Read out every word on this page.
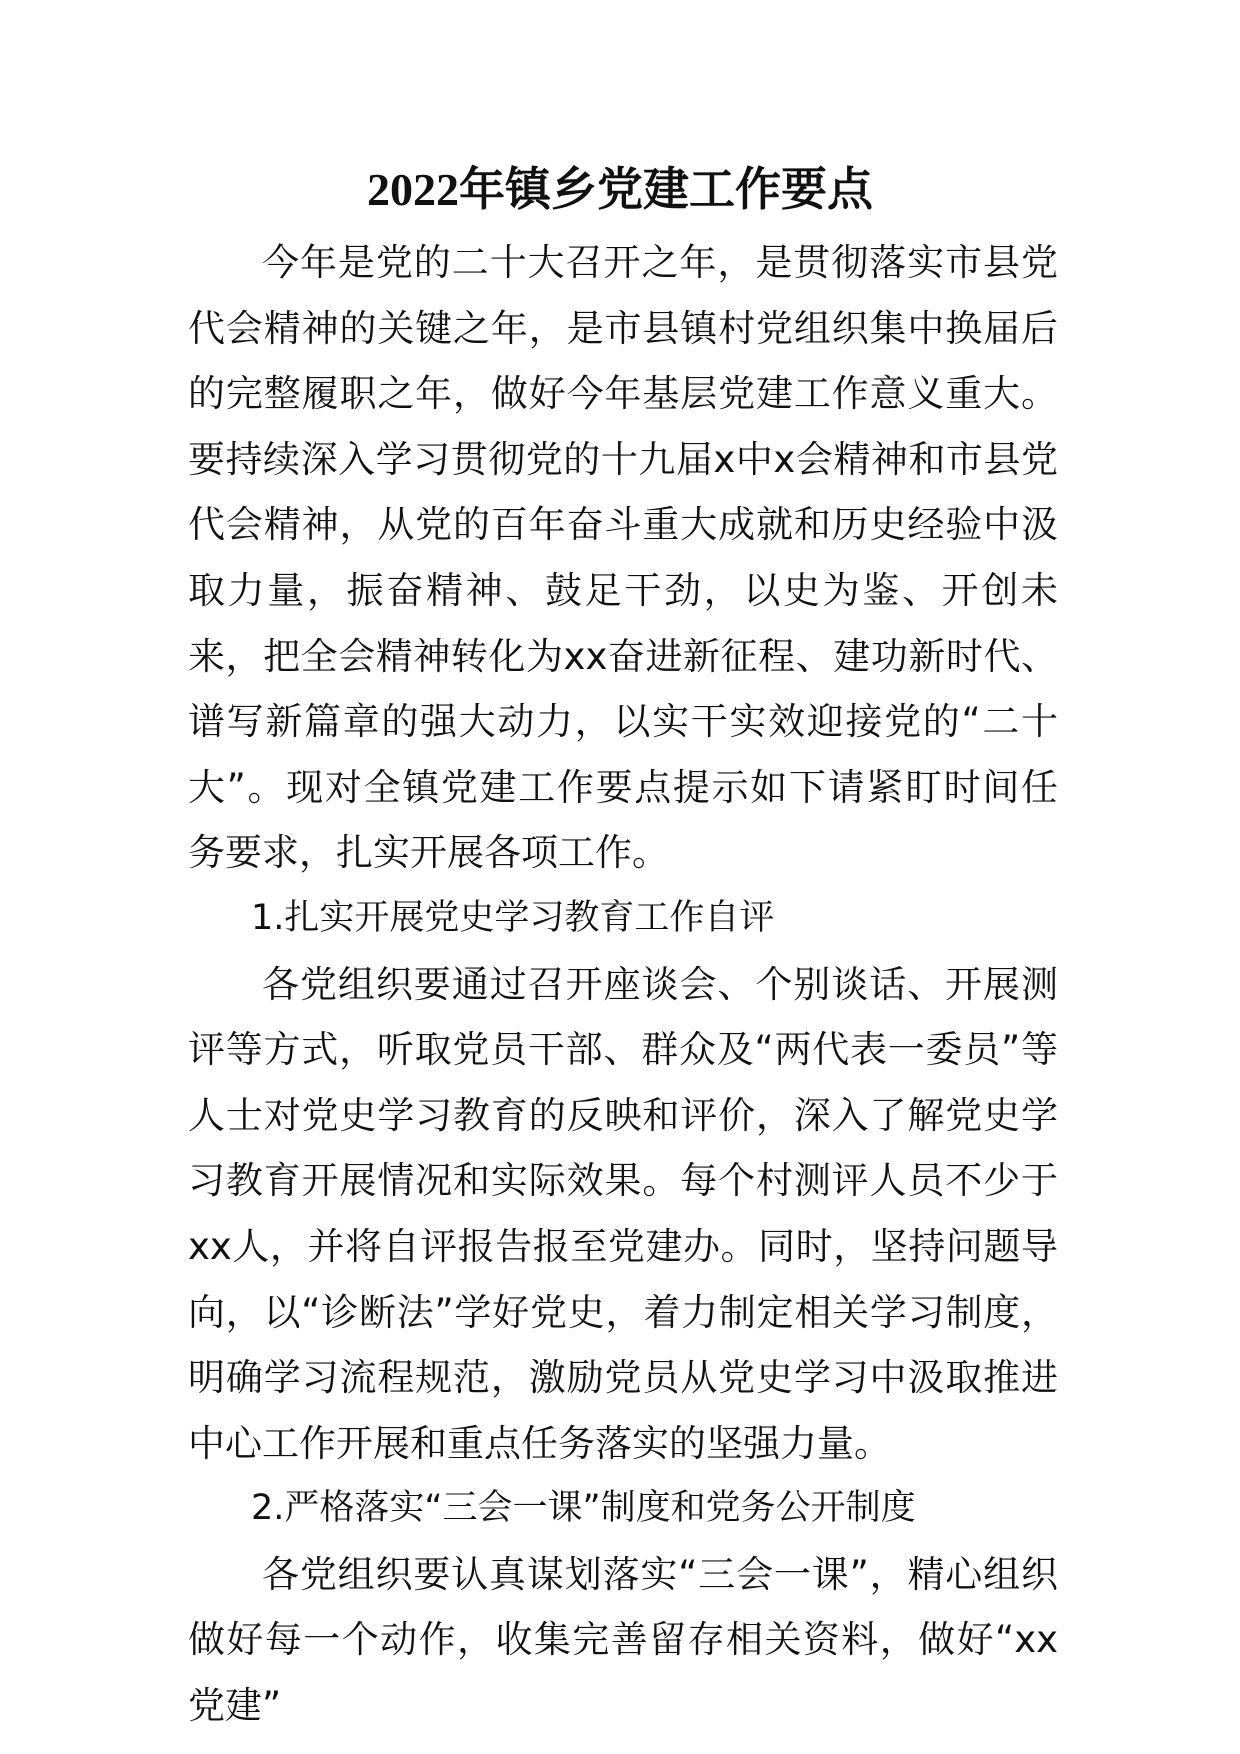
2022年镇乡党建工作要点

今年是党的二十大召开之年，是贯彻落实市县党代会精神的关键之年，是市县镇村党组织集中换届后的完整履职之年，做好今年基层党建工作意义重大。要持续深入学习贯彻党的十九届x中x会精神和市县党代会精神，从党的百年奋斗重大成就和历史经验中汲取力量，振奋精神、鼓足干劲，以史为鉴、开创未来，把全会精神转化为xx奋进新征程、建功新时代、谱写新篇章的强大动力，以实干实效迎接党的“二十大”。现对全镇党建工作要点提示如下请紧盯时间任务要求，扎实开展各项工作。

1.扎实开展党史学习教育工作自评

各党组织要通过召开座谈会、个别谈话、开展测评等方式，听取党员干部、群众及“两代表一委员”等人士对党史学习教育的反映和评价，深入了解党史学习教育开展情况和实际效果。每个村测评人员不少于xx人，并将自评报告报至党建办。同时，坚持问题导向，以“诊断法”学好党史，着力制定相关学习制度，明确学习流程规范，激励党员从党史学习中汲取推进中心工作开展和重点任务落实的坚强力量。

2.严格落实“三会一课”制度和党务公开制度

各党组织要认真谋划落实“三会一课”，精心组织做好每一个动作，收集完善留存相关资料，做好“xx党建”
